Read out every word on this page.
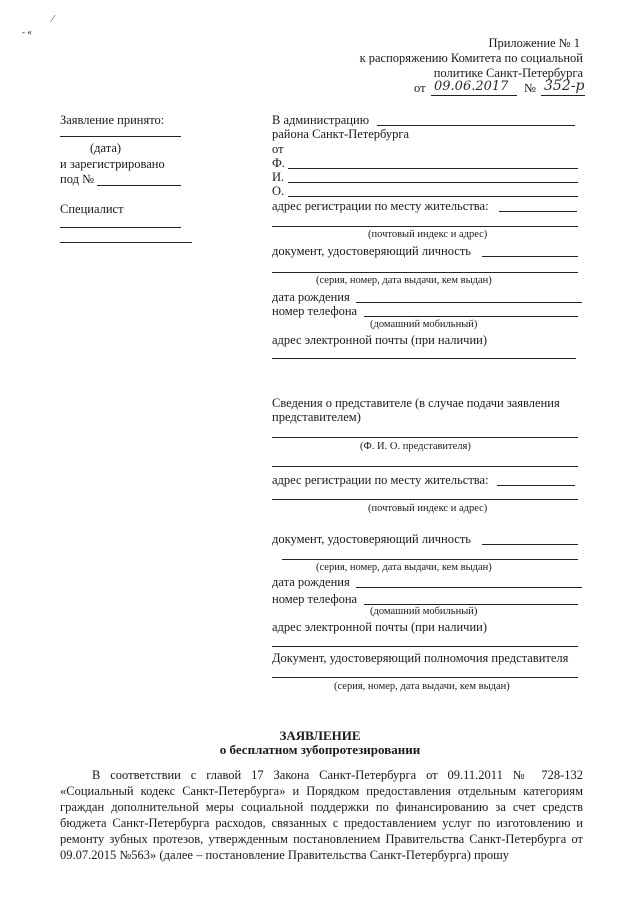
⁄
- «
Приложение № 1
к распоряжению Комитета по социальной
политике Санкт-Петербурга
от 09.06.2017 № 352-р
Заявление принято:
(дата)
и зарегистрировано
под №
Специалист
В администрацию
района Санкт-Петербурга
от
Ф.
И.
О.
адрес регистрации по месту жительства:
(почтовый индекс и адрес)
документ, удостоверяющий личность
(серия, номер, дата выдачи, кем выдан)
дата рождения
номер телефона
(домашний мобильный)
адрес электронной почты (при наличии)
Сведения о представителе (в случае подачи заявления
представителем)
(Ф. И. О. представителя)
адрес регистрации по месту жительства:
(почтовый индекс и адрес)
документ, удостоверяющий личность
(серия, номер, дата выдачи, кем выдан)
дата рождения
номер телефона
(домашний мобильный)
адрес электронной почты (при наличии)
Документ, удостоверяющий полномочия представителя
(серия, номер, дата выдачи, кем выдан)
ЗАЯВЛЕНИЕ
о бесплатном зубопротезировании
В соответствии с главой 17 Закона Санкт-Петербурга от 09.11.2011 № 728-132 «Социальный кодекс Санкт-Петербурга» и Порядком предоставления отдельным категориям граждан дополнительной меры социальной поддержки по финансированию за счет средств бюджета Санкт-Петербурга расходов, связанных с предоставлением услуг по изготовлению и ремонту зубных протезов, утвержденным постановлением Правительства Санкт-Петербурга от 09.07.2015 №563» (далее – постановление Правительства Санкт-Петербурга) прошу
